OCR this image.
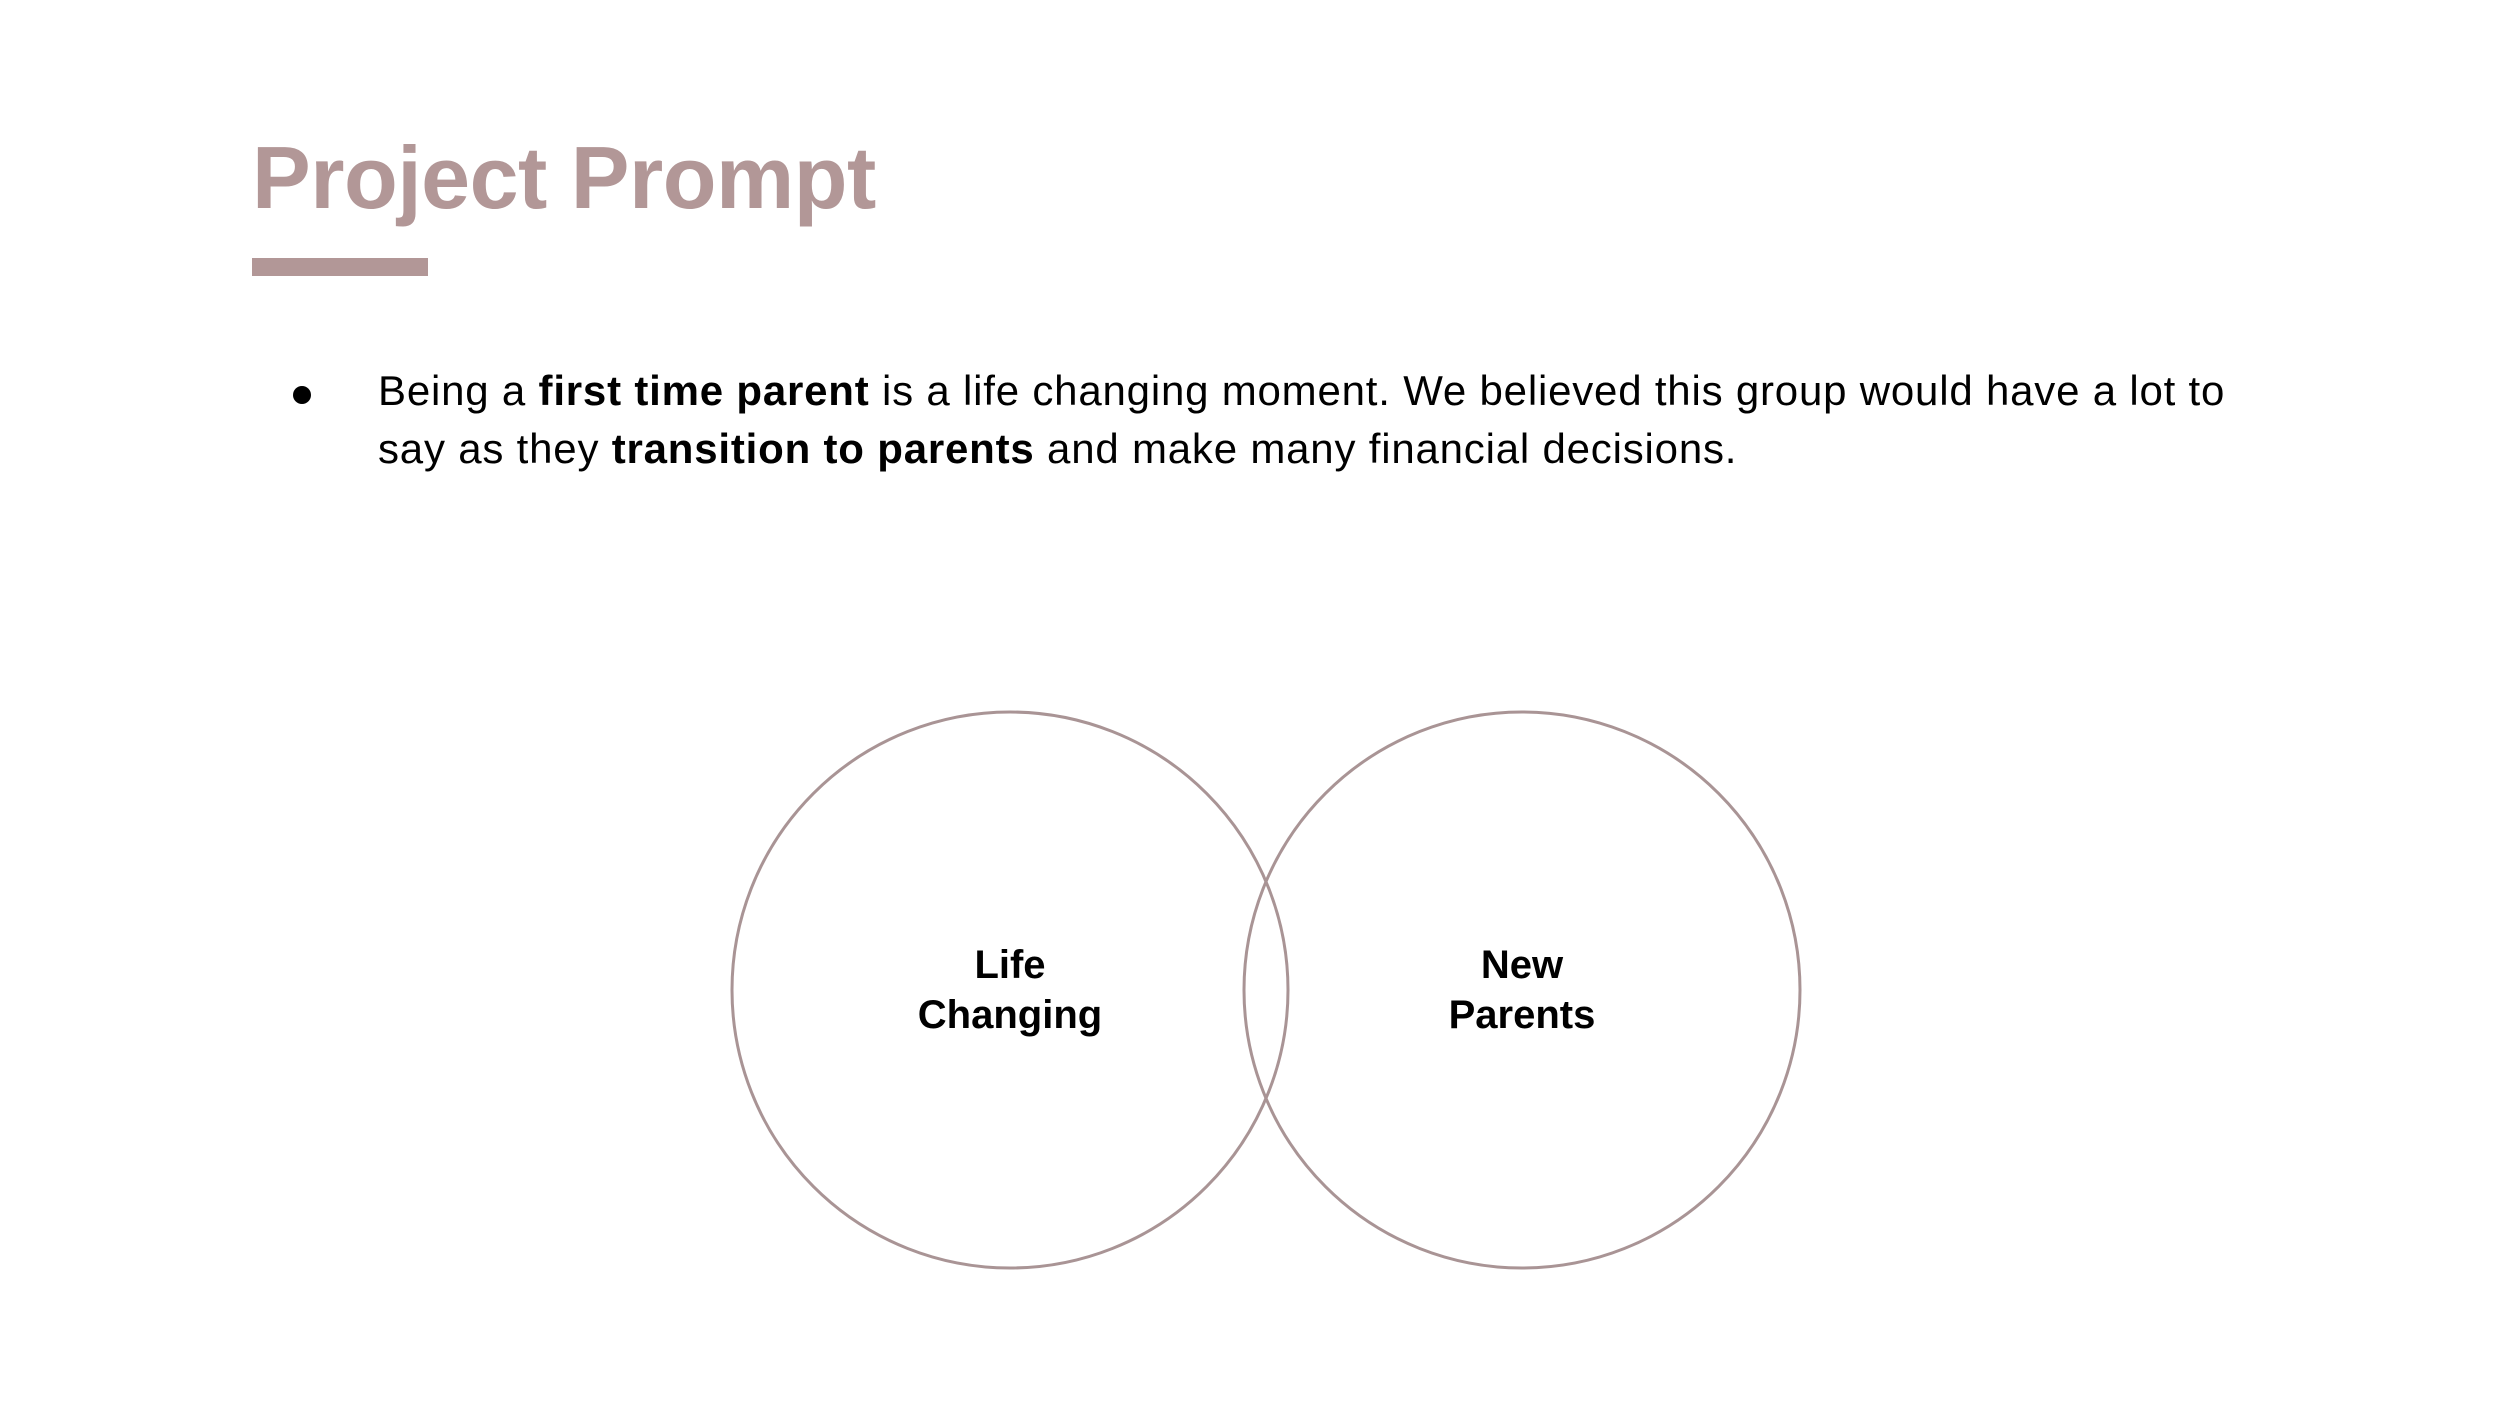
Project Prompt
Being a first time parent is a life changing moment. We believed this group would have a lot to say as they transition to parents and make many financial decisions.
Life
Changing
New
Parents
